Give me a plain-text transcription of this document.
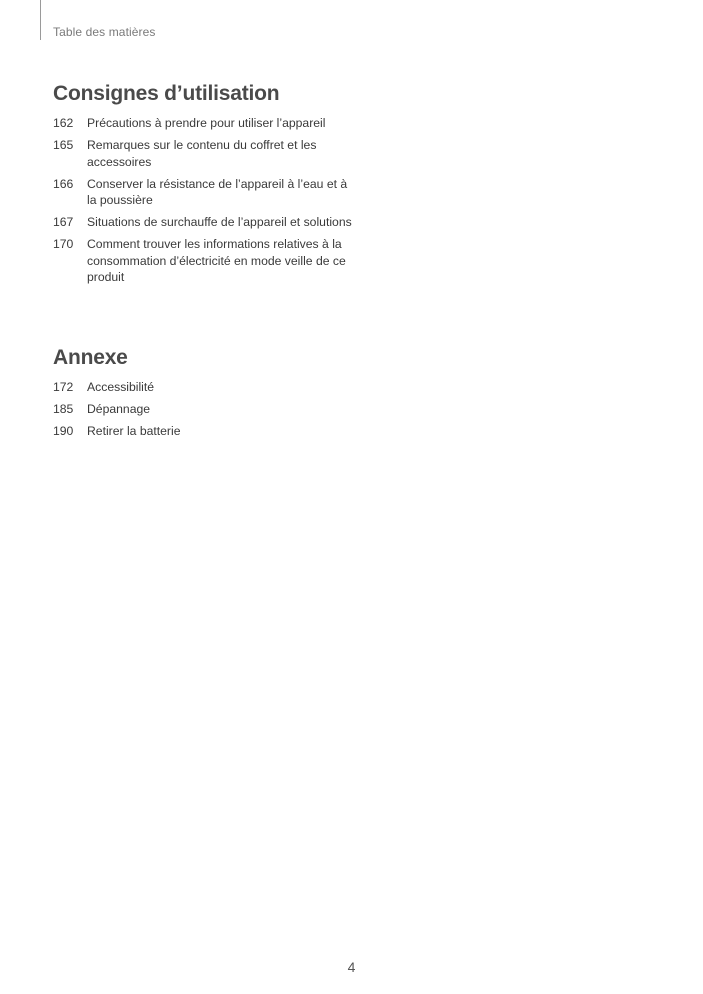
Table des matières
Consignes d’utilisation
162	Précautions à prendre pour utiliser l’appareil
165	Remarques sur le contenu du coffret et les accessoires
166	Conserver la résistance de l’appareil à l’eau et à la poussière
167	Situations de surchauffe de l’appareil et solutions
170	Comment trouver les informations relatives à la consommation d’électricité en mode veille de ce produit
Annexe
172	Accessibilité
185	Dépannage
190	Retirer la batterie
4
